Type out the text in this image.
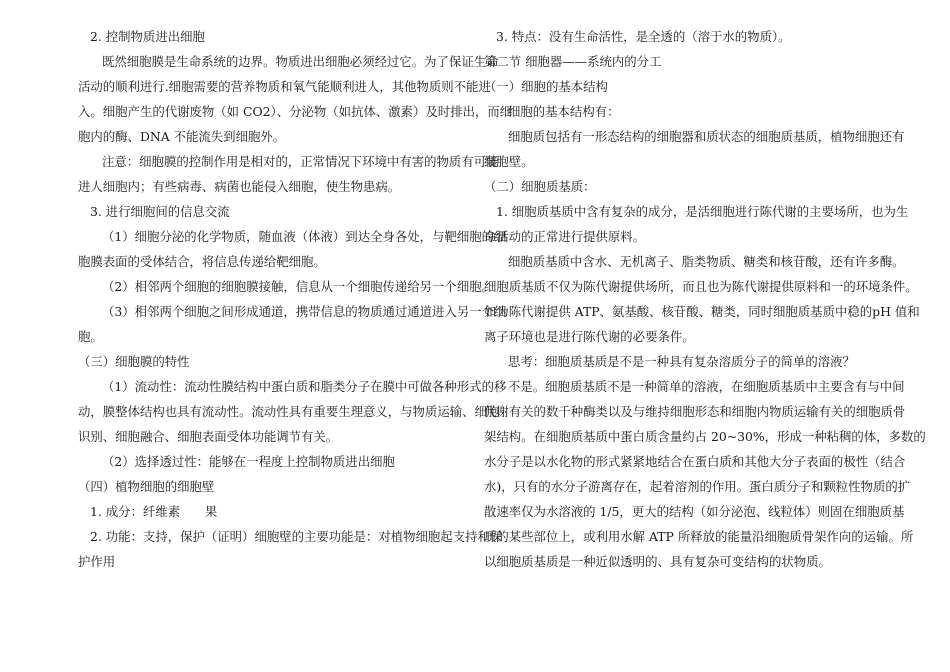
2. 控制物质进出细胞
既然细胞膜是生命系统的边界。物质进出细胞必须经过它。为了保证生命
活动的顺利进行.细胞需要的营养物质和氧气能顺利进人，其他物质则不能进
入。细胞产生的代谢废物（如 CO2）、分泌物（如抗体、激素）及时排出，而细
胞内的酶、DNA 不能流失到细胞外。
注意：细胞膜的控制作用是相对的，正常情况下环境中有害的物质有可能
进人细胞内；有些病毒、病菌也能侵入细胞，使生物患病。
3. 进行细胞间的信息交流
（1）细胞分泌的化学物质，随血液（体液）到达全身各处，与靶细胞的细
胞膜表面的受体结合，将信息传递给靶细胞。
（2）相邻两个细胞的细胞膜接触，信息从一个细胞传递给另一个细胞。
（3）相邻两个细胞之间形成通道，携带信息的物质通过通道进入另一个细
胞。
（三）细胞膜的特性
（1）流动性：流动性膜结构中蛋白质和脂类分子在膜中可做各种形式的移
动，膜整体结构也具有流动性。流动性具有重要生理意义，与物质运输、细胞
识别、细胞融合、细胞表面受体功能调节有关。
（2）选择透过性：能够在一程度上控制物质进出细胞
（四）植物细胞的细胞壁
1. 成分：纤维素　　果
2. 功能：支持，保护（证明）细胞壁的主要功能是：对植物细胞起支持和保
护作用
3. 特点：没有生命活性，是全透的（溶于水的物质）。
第二节 细胞器——系统内的分工
（一）细胞的基本结构
细胞的基本结构有：
细胞质包括有一形态结构的细胞器和质状态的细胞质基质，植物细胞还有
细胞壁。
（二）细胞质基质：
1. 细胞质基质中含有复杂的成分，是活细胞进行陈代谢的主要场所，也为生
命活动的正常进行提供原料。
细胞质基质中含水、无机离子、脂类物质、糖类和核苷酸，还有许多酶。
细胞质基质不仅为陈代谢提供场所，而且也为陈代谢提供原料和一的环境条件。
如为陈代谢提供 ATP、氨基酸、核苷酸、糖类，同时细胞质基质中稳的pH 值和
离子环境也是进行陈代谢的必要条件。
思考：细胞质基质是不是一种具有复杂溶质分子的简单的溶液？
不是。细胞质基质不是一种简单的溶液，在细胞质基质中主要含有与中间
代谢有关的数千种酶类以及与维持细胞形态和细胞内物质运输有关的细胞质骨
架结构。在细胞质基质中蛋白质含量约占 20~30%，形成一种粘稠的体，多数的
水分子是以水化物的形式紧紧地结合在蛋白质和其他大分子表面的极性（结合
水)，只有的水分子游离存在，起着溶剂的作用。蛋白质分子和颗粒性物质的扩
散速率仅为水溶液的 1/5，更大的结构（如分泌泡、线粒体）则固在细胞质基
质的某些部位上，或利用水解 ATP 所释放的能量沿细胞质骨架作向的运输。所
以细胞质基质是一种近似透明的、具有复杂可变结构的状物质。
